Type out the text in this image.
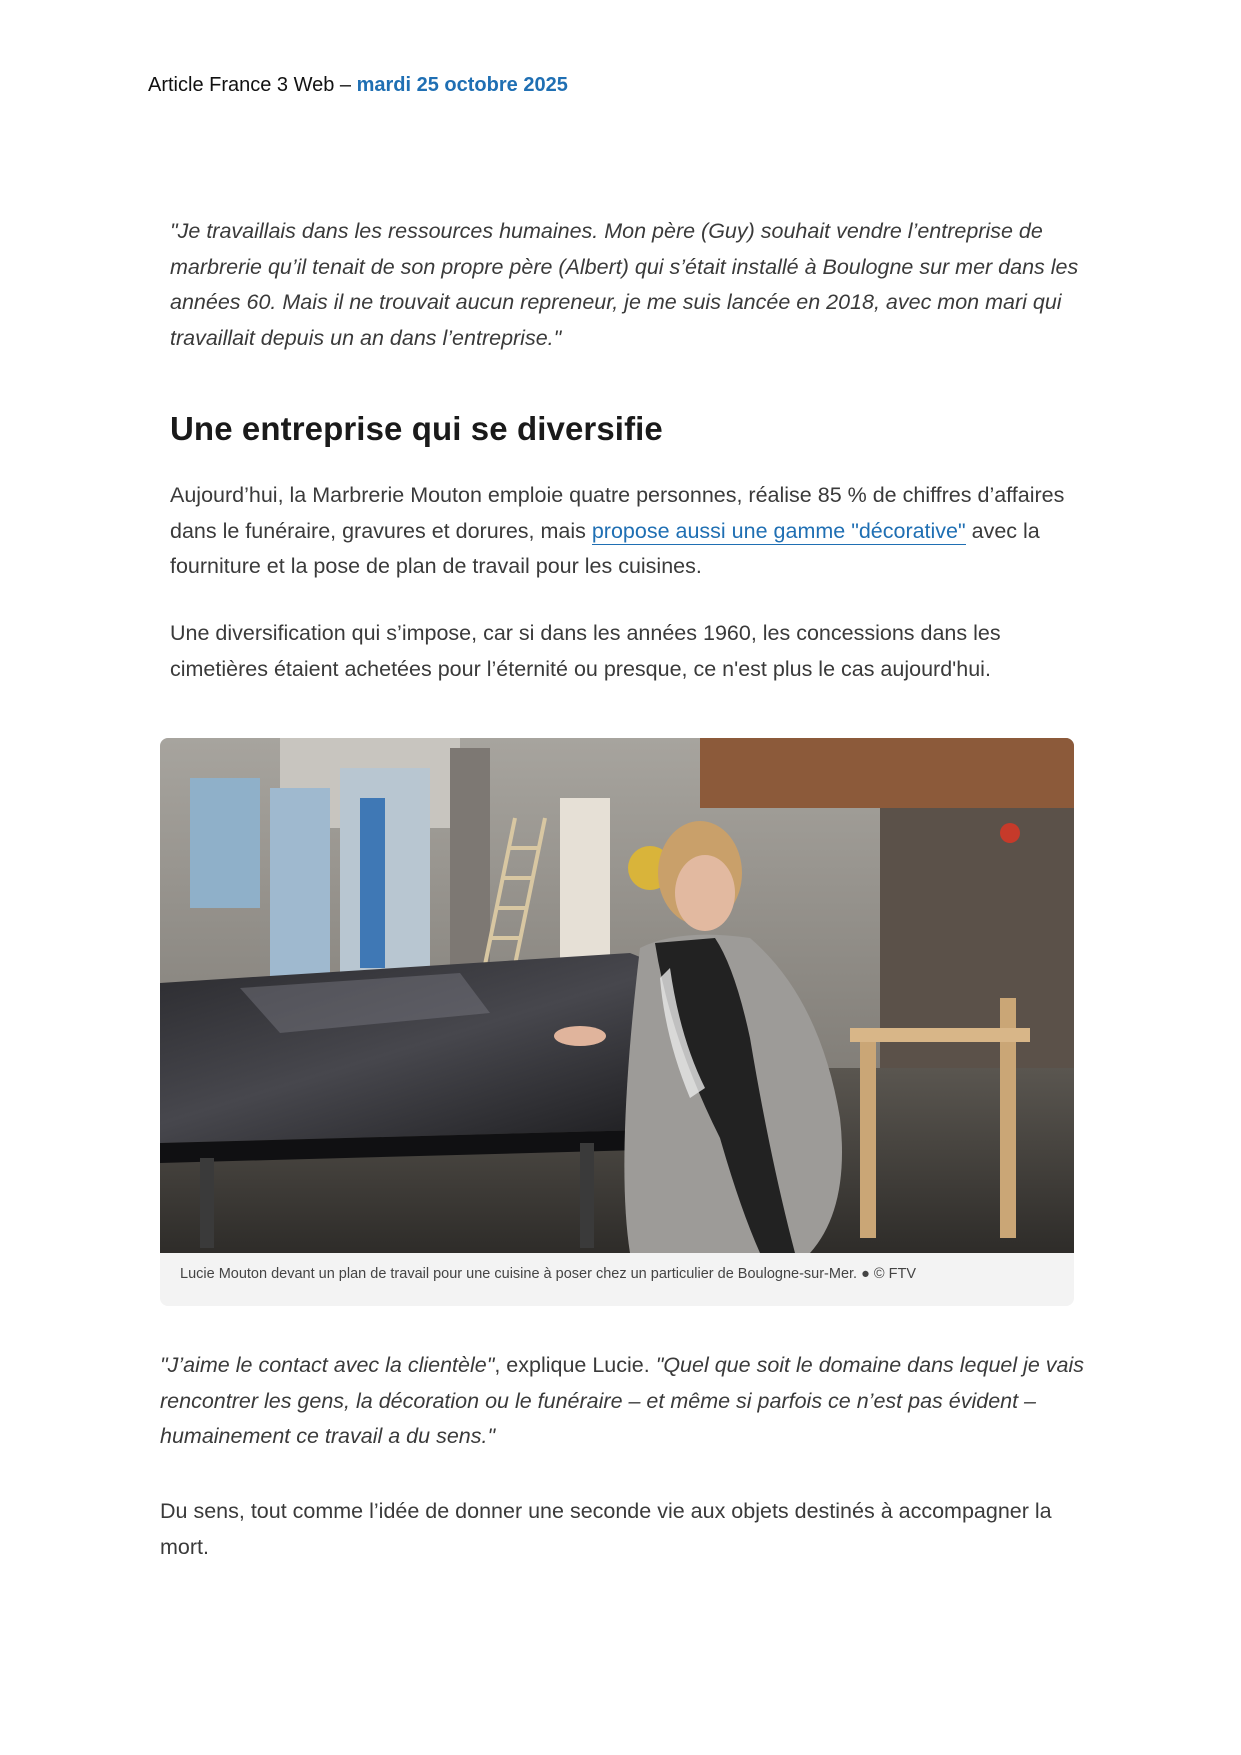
Article France 3 Web – mardi 25 octobre 2025

"Je travaillais dans les ressources humaines. Mon père (Guy) souhait vendre l’entreprise de marbrerie qu’il tenait de son propre père (Albert) qui s’était installé à Boulogne sur mer dans les années 60. Mais il ne trouvait aucun repreneur, je me suis lancée en 2018, avec mon mari qui travaillait depuis un an dans l’entreprise."

Une entreprise qui se diversifie

Aujourd’hui, la Marbrerie Mouton emploie quatre personnes, réalise 85 % de chiffres d’affaires dans le funéraire, gravures et dorures, mais propose aussi une gamme "décorative" avec la fourniture et la pose de plan de travail pour les cuisines.

Une diversification qui s’impose, car si dans les années 1960, les concessions dans les cimetières étaient achetées pour l’éternité ou presque, ce n'est plus le cas aujourd'hui.

Lucie Mouton devant un plan de travail pour une cuisine à poser chez un particulier de Boulogne-sur-Mer. ● © FTV

"J’aime le contact avec la clientèle", explique Lucie. "Quel que soit le domaine dans lequel je vais rencontrer les gens, la décoration ou le funéraire – et même si parfois ce n’est pas évident – humainement ce travail a du sens."

Du sens, tout comme l’idée de donner une seconde vie aux objets destinés à accompagner la mort.
